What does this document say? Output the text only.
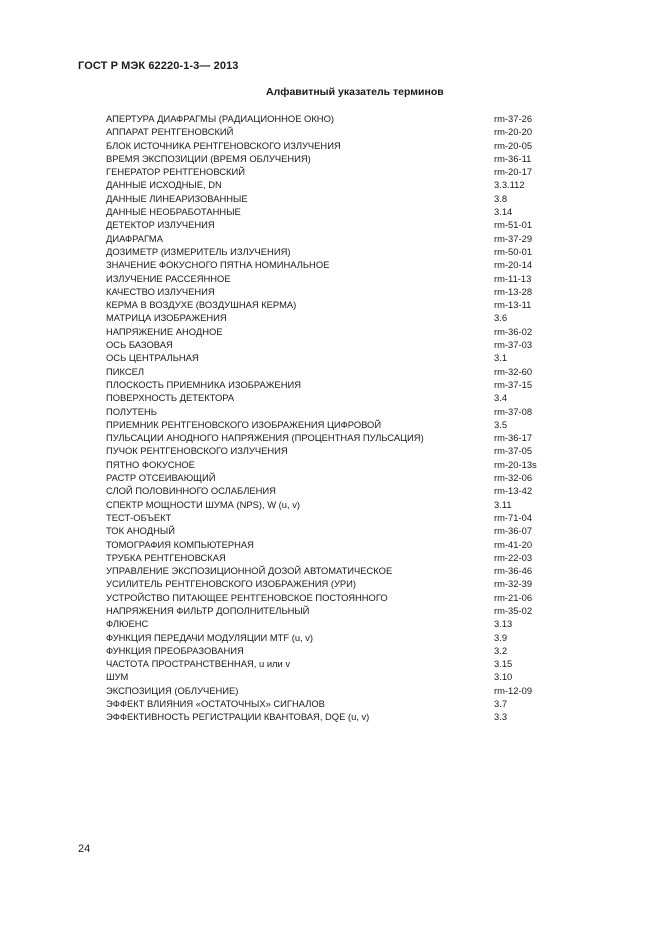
ГОСТ Р МЭК 62220-1-3— 2013
Алфавитный указатель терминов
АПЕРТУРА ДИАФРАГМЫ (РАДИАЦИОННОЕ ОКНО)	rm-37-26
АППАРАТ РЕНТГЕНОВСКИЙ	rm-20-20
БЛОК ИСТОЧНИКА РЕНТГЕНОВСКОГО ИЗЛУЧЕНИЯ	rm-20-05
ВРЕМЯ ЭКСПОЗИЦИИ (ВРЕМЯ ОБЛУЧЕНИЯ)	rm-36-11
ГЕНЕРАТОР РЕНТГЕНОВСКИЙ	rm-20-17
ДАННЫЕ ИСХОДНЫЕ, DN	3.3.112
ДАННЫЕ ЛИНЕАРИЗОВАННЫЕ	3.8
ДАННЫЕ НЕОБРАБОТАННЫЕ	3.14
ДЕТЕКТОР ИЗЛУЧЕНИЯ	rm-51-01
ДИАФРАГМА	rm-37-29
ДОЗИМЕТР (ИЗМЕРИТЕЛЬ ИЗЛУЧЕНИЯ)	rm-50-01
ЗНАЧЕНИЕ ФОКУСНОГО ПЯТНА НОМИНАЛЬНОЕ	rm-20-14
ИЗЛУЧЕНИЕ РАССЕЯННОЕ	rm-11-13
КАЧЕСТВО ИЗЛУЧЕНИЯ	rm-13-28
КЕРМА В ВОЗДУХЕ (ВОЗДУШНАЯ КЕРМА)	rm-13-11
МАТРИЦА ИЗОБРАЖЕНИЯ	3.6
НАПРЯЖЕНИЕ АНОДНОЕ	rm-36-02
ОСЬ БАЗОВАЯ	rm-37-03
ОСЬ ЦЕНТРАЛЬНАЯ	3.1
ПИКСЕЛ	rm-32-60
ПЛОСКОСТЬ ПРИЕМНИКА ИЗОБРАЖЕНИЯ	rm-37-15
ПОВЕРХНОСТЬ ДЕТЕКТОРА	3.4
ПОЛУТЕНЬ	rm-37-08
ПРИЕМНИК РЕНТГЕНОВСКОГО ИЗОБРАЖЕНИЯ ЦИФРОВОЙ	3.5
ПУЛЬСАЦИИ АНОДНОГО НАПРЯЖЕНИЯ (ПРОЦЕНТНАЯ ПУЛЬСАЦИЯ)	rm-36-17
ПУЧОК РЕНТГЕНОВСКОГО ИЗЛУЧЕНИЯ	rm-37-05
ПЯТНО ФОКУСНОЕ	rm-20-13s
РАСТР ОТСЕИВАЮЩИЙ	rm-32-06
СЛОЙ ПОЛОВИННОГО ОСЛАБЛЕНИЯ	rm-13-42
СПЕКТР МОЩНОСТИ ШУМА (NPS), W (u, v)	3.11
ТЕСТ-ОБЪЕКТ	rm-71-04
ТОК АНОДНЫЙ	rm-36-07
ТОМОГРАФИЯ КОМПЬЮТЕРНАЯ	rm-41-20
ТРУБКА РЕНТГЕНОВСКАЯ	rm-22-03
УПРАВЛЕНИЕ ЭКСПОЗИЦИОННОЙ ДОЗОЙ АВТОМАТИЧЕСКОЕ	rm-36-46
УСИЛИТЕЛЬ РЕНТГЕНОВСКОГО ИЗОБРАЖЕНИЯ (УРИ)	rm-32-39
УСТРОЙСТВО ПИТАЮЩЕЕ РЕНТГЕНОВСКОЕ ПОСТОЯННОГО	rm-21-06
НАПРЯЖЕНИЯ ФИЛЬТР ДОПОЛНИТЕЛЬНЫЙ	rm-35-02
ФЛЮЕНС	3.13
ФУНКЦИЯ ПЕРЕДАЧИ МОДУЛЯЦИИ MTF (u, v)	3.9
ФУНКЦИЯ ПРЕОБРАЗОВАНИЯ	3.2
ЧАСТОТА ПРОСТРАНСТВЕННАЯ, u или v	3.15
ШУМ	3.10
ЭКСПОЗИЦИЯ (ОБЛУЧЕНИЕ)	rm-12-09
ЭФФЕКТ ВЛИЯНИЯ «ОСТАТОЧНЫХ» СИГНАЛОВ	3.7
ЭФФЕКТИВНОСТЬ РЕГИСТРАЦИИ КВАНТОВАЯ, DQE (u, v)	3.3
24
